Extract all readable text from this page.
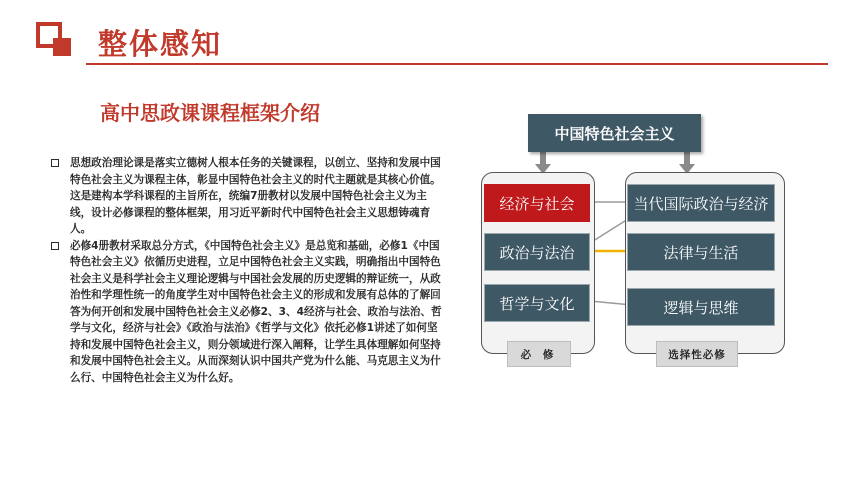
整体感知
高中思政课课程框架介绍
思想政治理论课是落实立德树人根本任务的关键课程，以创立、坚持和发展中国特色社会主义为课程主体，彰显中国特色社会主义的时代主题就是其核心价值。这是建构本学科课程的主旨所在，统编7册教材以发展中国特色社会主义为主线，设计必修课程的整体框架，用习近平新时代中国特色社会主义思想铸魂育人。
必修4册教材采取总分方式，《中国特色社会主义》是总览和基础，必修1《中国特色社会主义》依循历史进程，立足中国特色社会主义实践，明确指出中国特色社会主义是科学社会主义理论逻辑与中国社会发展的历史逻辑的辩证统一，从政治性和学理性统一的角度学生对中国特色社会主义的形成和发展有总体的了解回答为何开创和发展中国特色社会主义必修2、3、4经济与社会、政治与法治、哲学与文化，经济与社会》《政治与法治》《哲学与文化》依托必修1讲述了如何坚持和发展中国特色社会主义，则分领域进行深入阐释，让学生具体理解如何坚持和发展中国特色社会主义。从而深刻认识中国共产党为什么能、马克思主义为什么行、中国特色社会主义为什么好。
中国特色社会主义
经济与社会
政治与法治
哲学与文化
当代国际政治与经济
法律与生活
逻辑与思维
必 修	选择性必修
